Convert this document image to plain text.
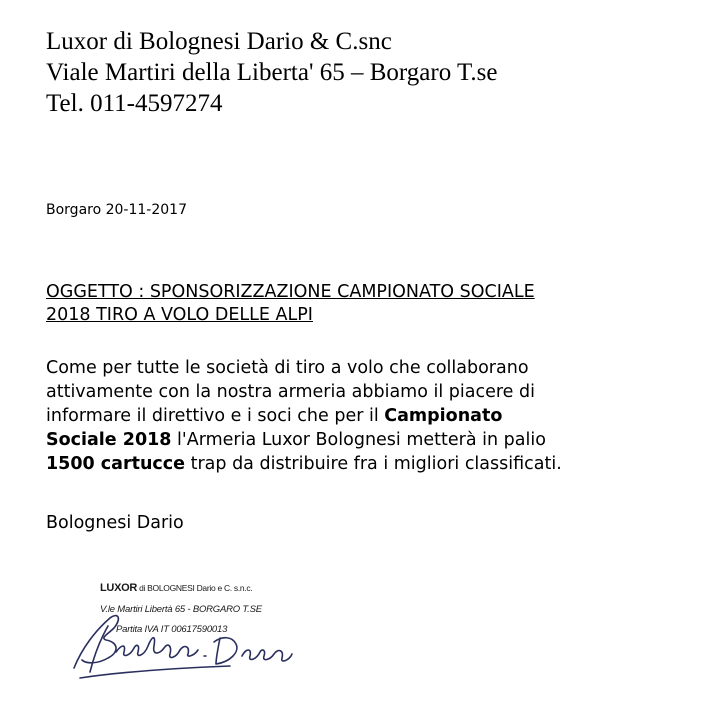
Luxor di Bolognesi Dario & C.snc
Viale Martiri della Liberta' 65 – Borgaro T.se
Tel. 011-4597274
Borgaro 20-11-2017
OGGETTO : SPONSORIZZAZIONE CAMPIONATO SOCIALE
2018 TIRO A VOLO DELLE ALPI
Come per tutte le società di tiro a volo che collaborano
attivamente con la nostra armeria abbiamo il piacere di
informare il direttivo e i soci che per il Campionato
Sociale 2018 l'Armeria Luxor Bolognesi metterà in palio
1500 cartucce trap da distribuire fra i migliori classificati.
Bolognesi Dario
LUXOR di BOLOGNESI Dario e C. s.n.c.
V.le Martiri Libertà 65 - BORGARO T.SE
Partita IVA IT 00617590013
